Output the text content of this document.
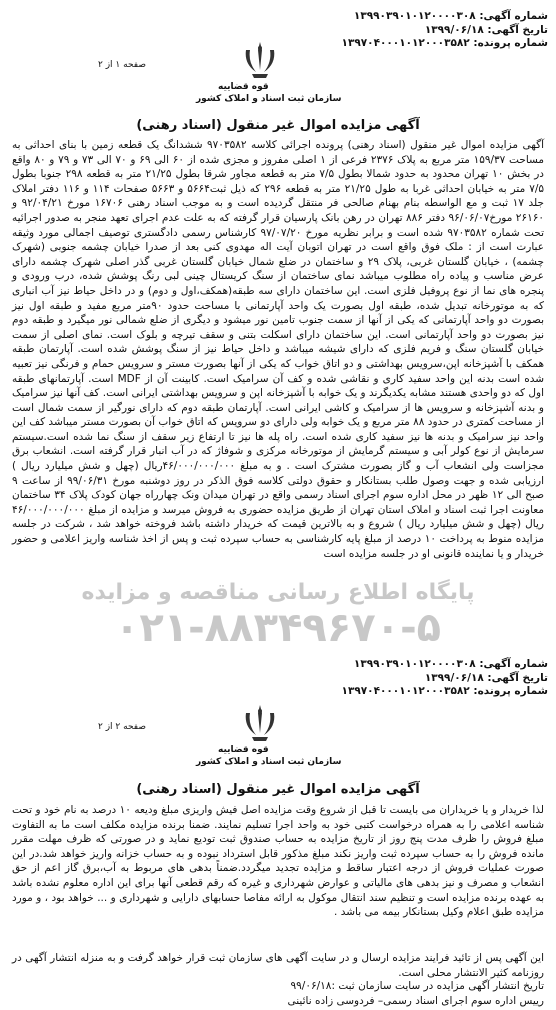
شماره آگهی: ۱۳۹۹۰۳۹۰۱۰۱۲۰۰۰۰۳۰۸
تاریخ آگهی: ۱۳۹۹/۰۶/۱۸
شماره پرونده: ۱۳۹۷۰۴۰۰۰۱۰۱۲۰۰۰۳۵۸۲
قوه قضاییه
سازمان ثبت اسناد و املاک کشور
صفحه ۱ از ۲
آگهی مزایده اموال غیر منقول (اسناد رهنی)
آگهی مزایده اموال غیر منقول (اسناد رهنی) پرونده اجرائی کلاسه ۹۷۰۳۵۸۲ ششدانگ یک قطعه زمین با بنای احداثی به مساحت ۱۵۹/۳۷ متر مربع به پلاک ۲۳۷۶ فرعی از ۱ اصلی مفروز و مجزی شده از ۶۰ الی ۶۹ و ۷۰ الی ۷۳ و ۷۹ و ۸۰ واقع در بخش ۱۰ تهران محدود به حدود شمالا بطول ۷/۵ متر به قطعه مجاور شرقا بطول ۲۱/۲۵ متر به قطعه ۲۹۸ جنوبا بطول ۷/۵ متر به خیابان احداثی غربا به طول ۲۱/۲۵ متر به قطعه ۲۹۶ که ذیل ثبت۵۶۶۴ و ۵۶۶۳ صفحات ۱۱۴ و ۱۱۶ دفتر املاک جلد ۱۷ ثبت و مع الواسطه بنام بهنام صالحی فر منتقل گردیده است و به موجب اسناد رهنی ۱۶۷۰۶ مورخ ۹۲/۰۴/۲۱ و ۲۶۱۶۰ مورخ۹۶/۰۶/۰۷ دفتر ۸۸۶ تهران در رهن بانک پارسیان قرار گرفته که به علت عدم اجرای تعهد منجر به صدور اجرائیه تحت شماره ۹۷۰۳۵۸۲ شده است و برابر نظریه مورخ ۹۷/۰۷/۲۰ کارشناس رسمی دادگستری توصیف اجمالی مورد وثیقه عبارت است از : ملک فوق واقع است در تهران اتوبان آیت اله مهدوی کنی بعد از صدرا خیابان چشمه جنوبی (شهرک چشمه) ، خیابان گلستان غربی، پلاک ۲۹ و ساختمان در ضلع شمال خیابان گلستان غربی گذر اصلی شهرک چشمه دارای عرض مناسب و پیاده راه مطلوب میباشد نمای ساختمان از سنگ کریستال چینی لبی رنگ پوشش شده، درب ورودی و پنجره های نما از نوع پروفیل فلزی است. این ساختمان دارای سه طبقه(همکف،اول و دوم) و در داخل حیاط نیز آب انباری که به موتورخانه تبدیل شده، طبقه اول بصورت یک واحد آپارتمانی با مساحت حدود ۹۰متر مربع مفید و طبقه اول نیز بصورت دو واحد آپارتمانی که یکی از آنها از سمت جنوب تامین نور میشود و دیگری از ضلع شمالی نور میگیرد و طبقه دوم نیز بصورت دو واحد آپارتمانی است. این ساختمان دارای اسکلت بتنی و سقف تیرچه و بلوک است. نمای اصلی از سمت خیابان گلستان سنگ و فریم فلزی که دارای شیشه میباشد و داخل حیاط نیز از سنگ پوشش شده است. آپارتمان طبقه همکف با آشپزخانه اپن،سرویس بهداشتی و دو اتاق خواب که یکی از آنها بصورت مستر و سرویس حمام و فرنگی نیز تعبیه شده است بدنه این واحد سفید کاری و نقاشی شده و کف آن سرامیک است. کابینت آن از MDF است. آپارتمانهای طبقه اول که دو واحدی هستند مشابه یکدیگرند و یک خوابه با آشپزخانه اپن و سرویس بهداشتی ایرانی است. کف آنها نیز سرامیک و بدنه آشپزخانه و سرویس ها از سرامیک و کاشی ایرانی است. آپارتمان طبقه دوم که دارای نورگیر از سمت شمال است از مساحت کمتری در حدود ۸۸ متر مربع و یک خوابه ولی دارای دو سرویس که اتاق خواب آن بصورت مستر میباشد کف این واحد نیز سرامیک و بدنه ها نیز سفید کاری شده است. راه پله ها نیز تا ارتفاع زیر سقف از سنگ نما شده است.سیستم سرمایش از نوع کولر آبی و سیستم گرمایش از موتورخانه مرکزی و شوفاژ که در آب انبار قرار گرفته است. انشعاب برق مجزاست ولی انشعاب آب و گاز بصورت مشترک است . و به مبلغ ۴۶/۰۰۰/۰۰۰/۰۰۰ریال (چهل و شش میلیارد ریال ) ارزیابی شده و جهت وصول طلب بستانکار و حقوق دولتی کلاسه فوق الذکر در روز دوشنبه مورخ ۹۹/۰۶/۳۱ از ساعت ۹ صبح الی ۱۲ ظهر در محل اداره سوم اجرای اسناد رسمی واقع در تهران میدان ونک چهارراه جهان کودک پلاک ۳۴ ساختمان معاونت اجرا ثبت اسناد و املاک استان تهران از طریق مزایده حضوری به فروش میرسد و مزایده از مبلغ ۴۶/۰۰۰/۰۰۰/۰۰۰ ریال (چهل و شش میلیارد ریال ) شروع و به بالاترین قیمت که خریدار داشته باشد فروخته خواهد شد ، شرکت در جلسه مزایده منوط به پرداخت ۱۰ درصد از مبلغ پایه کارشناسی به حساب سپرده ثبت و پس از اخذ شناسه واریز اعلامی و حضور خریدار و یا نماینده قانونی او در جلسه مزایده است
پایگاه اطلاع رسانی مناقصه و مزایده
۰۲۱-۸۸۳۴۹۶۷۰-۵
شماره آگهی: ۱۳۹۹۰۳۹۰۱۰۱۲۰۰۰۰۳۰۸
تاریخ آگهی: ۱۳۹۹/۰۶/۱۸
شماره پرونده: ۱۳۹۷۰۴۰۰۰۱۰۱۲۰۰۰۳۵۸۲
قوه قضاییه
سازمان ثبت اسناد و املاک کشور
صفحه ۲ از ۲
آگهی مزایده اموال غیر منقول (اسناد رهنی)
لذا خریدار و یا خریداران می بایست تا قبل از شروع وقت مزایده اصل فیش واریزی مبلغ ودیعه ۱۰ درصد به نام خود و تحت شناسه اعلامی را به همراه درخواست کتبی خود به واحد اجرا تسلیم نمایند. ضمنا برنده مزایده مکلف است ما به التفاوت مبلغ فروش را ظرف مدت پنج روز از تاریخ مزایده به حساب صندوق ثبت تودیع نماید و در صورتی که ظرف مهلت مقرر مانده فروش را به حساب سپرده ثبت واریز نکند مبلغ مذکور قابل استرداد نبوده و به حساب خزانه واریز خواهد شد.در این صورت عملیات فروش از درجه اعتبار ساقط و مزایده تجدید میگردد.ضمناً بدهی های مربوط به آب،برق گاز اعم از حق انشعاب و مصرف و نیز بدهی های مالیاتی و عوارض شهرداری و غیره که رقم قطعی آنها برای این اداره معلوم نشده باشد به عهده برنده مزایده است و تنظیم سند انتقال موکول به ارائه مفاصا حسابهای دارایی و شهرداری و ... خواهد بود ، و مورد مزایده طبق اعلام وکیل بستانکار بیمه می باشد .
این آگهی پس از تائید فرایند مزایده ارسال و در سایت آگهی های سازمان ثبت قرار خواهد گرفت و به منزله انتشار آگهی در روزنامه کثیر الانتشار محلی است.
تاریخ انتشار آگهی مزایده در سایت سازمان ثبت :۹۹/۰۶/۱۸
رییس اداره سوم اجرای اسناد رسمی– فردوسی زاده نائینی
